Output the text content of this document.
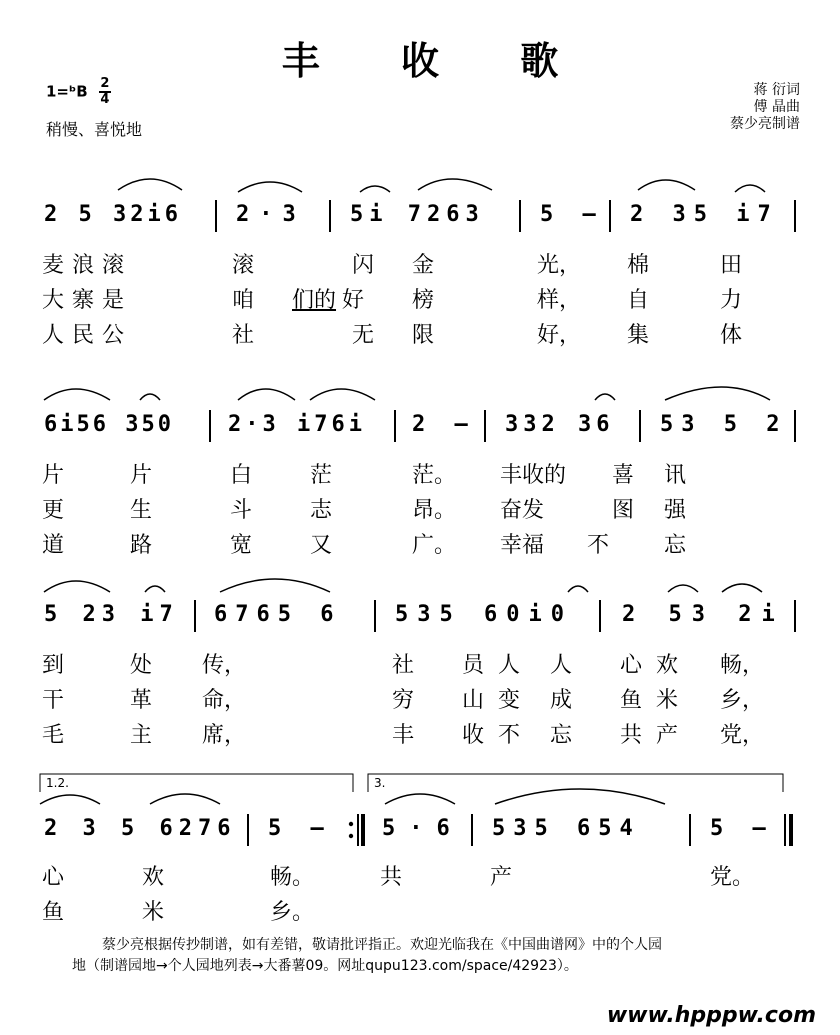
丰 收 歌
1=ᵇB $\frac{2}{4}$
稍慢、喜悦地
蒋 衍词
傅 晶曲
蔡少亮制谱
2 5 32i6 2·3 5i 7263	5 — 2 35 i7
麦浪滚	滚	闪 金	光， 棉	田
大寨是	咱 们的 好 榜	样， 自	力
人民公	社	无 限	好， 集	体
6i56 350 2·3 i76i 2 — 332 36 53 5 2
片	片	白	茫	茫。 丰收的 喜 讯
更	生	斗	志	昂。 奋发	图 强
道	路	宽	又	广。 幸福 不 忘
5 23 i7 6765 6 535 60i0 2 53 2i
到	处 传，	社 员人 人 心欢 畅，
干	革 命，	穷 山变 成 鱼米 乡，
毛	主 席，	丰 收不 忘 共产 党，
1.2.	3.
2 3 5 6276 5 — 5·6 535 654	5 —
心	欢	畅。	共	产	党。
鱼	米	乡。
蔡少亮根据传抄制谱，如有差错，敬请批评指正。欢迎光临我在《中国曲谱网》中的个人园
地（制谱园地→个人园地列表→大番薯09。网址qupu123.com/space/42923）。
www.hpppw.com
